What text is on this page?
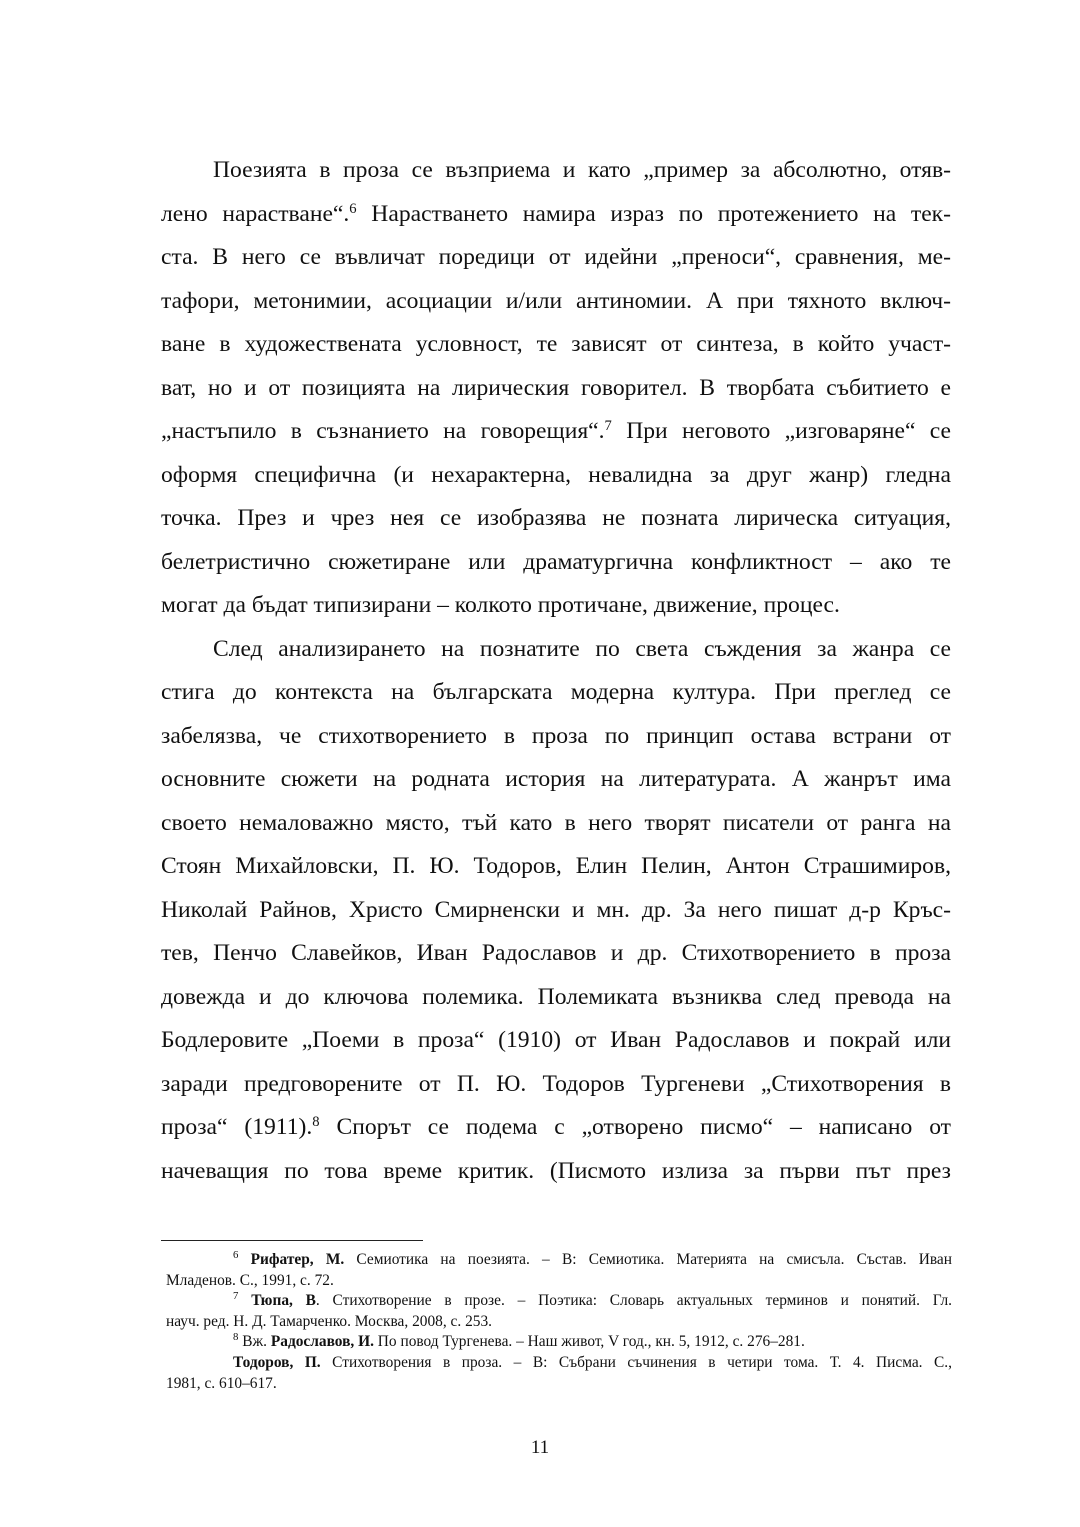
Поезията в проза се възприема и като „пример за абсолютно, отяв-
лено нарастване“.$^6$ Нарастването намира израз по протежението на тек-
ста. В него се въвличат поредици от идейни „преноси“, сравнения, ме-
тафори, метонимии, асоциации и/или антиномии. А при тяхното включ-
ване в художествената условност, те зависят от синтеза, в който участ-
ват, но и от позицията на лирическия говорител. В творбата събитието е
„настъпило в съзнанието на говорещия“.$^7$ При неговото „изговаряне“ се
оформя специфична (и нехарактерна, невалидна за друг жанр) гледна
точка. През и чрез нея се изобразява не позната лирическа ситуация,
белетристично сюжетиране или драматургична конфликтност – ако те
могат да бъдат типизирани – колкото протичане, движение, процес.
След анализирането на познатите по света съждения за жанра се
стига до контекста на българската модерна култура. При преглед се
забелязва, че стихотворението в проза по принцип остава встрани от
основните сюжети на родната история на литературата. А жанрът има
своето немаловажно място, тъй като в него творят писатели от ранга на
Стоян Михайловски, П. Ю. Тодоров, Елин Пелин, Антон Страшимиров,
Николай Райнов, Христо Смирненски и мн. др. За него пишат д-р Кръс-
тев, Пенчо Славейков, Иван Радославов и др. Стихотворението в проза
довежда и до ключова полемика. Полемиката възниква след превода на
Бодлеровите „Поеми в проза“ (1910) от Иван Радославов и покрай или
заради предговорените от П. Ю. Тодоров Тургеневи „Стихотворения в
проза“ (1911).$^8$ Спорът се подема с „отворено писмо“ – написано от
начеващия по това време критик. (Писмото излиза за първи път през
$^6$ Рифатер, М. Семиотика на поезията. – В: Семиотика. Материята на смисъла. Състав. Иван
Младенов. С., 1991, с. 72.
$^7$ Тюпа, В. Стихотворение в прозе. – Поэтика: Словарь актуальных терминов и понятий. Гл.
науч. ред. Н. Д. Тамарченко. Москва, 2008, с. 253.
$^8$ Вж. Радославов, И. По повод Тургенева. – Наш живот, V год., кн. 5, 1912, с. 276–281.
Тодоров, П. Стихотворения в проза. – В: Събрани съчинения в четири тома. Т. 4. Писма. С.,
1981, с. 610–617.
11
